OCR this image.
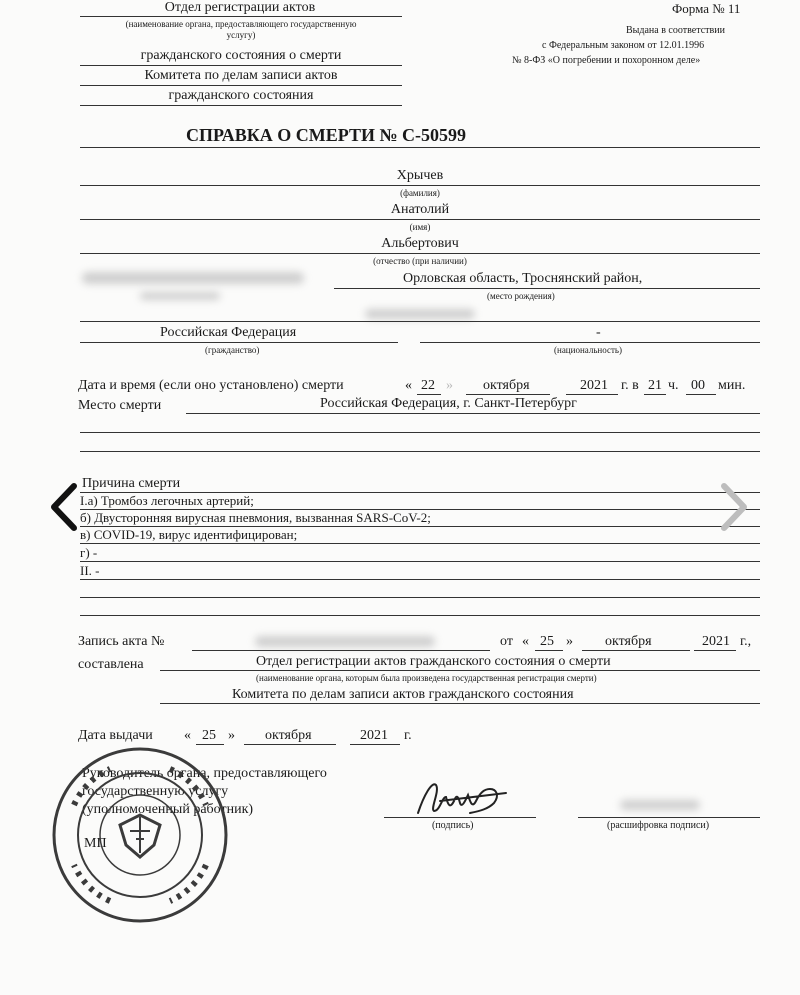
Отдел регистрации актов
(наименование органа, предоставляющего государственную
услугу)
гражданского состояния о смерти
Комитета по делам записи актов
гражданского состояния
Форма № 11
Выдана в соответствии
с Федеральным законом от 12.01.1996
№ 8-ФЗ «О погребении и похоронном деле»
СПРАВКА О СМЕРТИ № С-50599
Хрычев
(фамилия)
Анатолий
(имя)
Альбертович
(отчество (при наличии)
Орловская область, Троснянский район,
(место рождения)
Российская Федерация
(гражданство)
-
(национальность)
Дата и время (если оно установлено) смерти	« 22 » октября	2021 г. в 21 ч. 00 мин.
Место смерти	Российская Федерация, г. Санкт-Петербург
Причина смерти
I.а) Тромбоз легочных артерий;
б) Двусторонняя вирусная пневмония, вызванная SARS-CoV-2;
в) COVID-19, вирус идентифицирован;
г) -
II. -
Запись акта №	от « 25 » октября	2021 г.,
составлена	Отдел регистрации актов гражданского состояния о смерти
(наименование органа, которым была произведена государственная регистрация смерти)
Комитета по делам записи актов гражданского состояния
Дата выдачи « 25 » октября	2021 г.
Руководитель органа, предоставляющего
государственную услугу
(уполномоченный работник)
МП
(подпись)	(расшифровка подписи)
